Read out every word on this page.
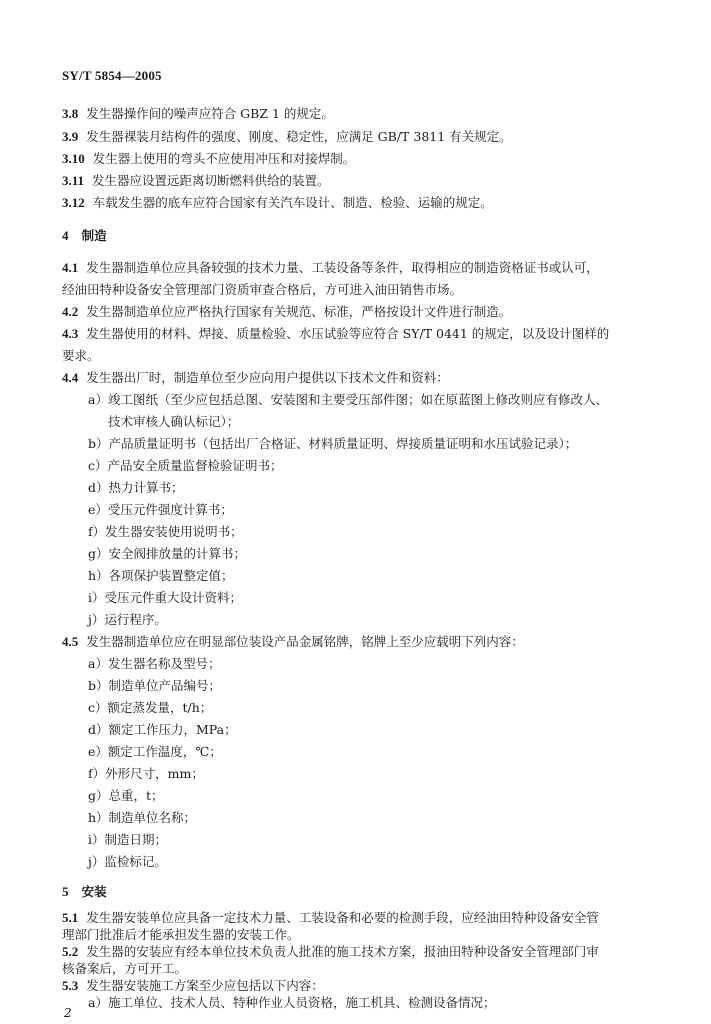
SY/T 5854—2005
3.8 发生器操作间的噪声应符合 GBZ 1 的规定。
3.9 发生器裸装月结构件的强度、刚度、稳定性，应满足 GB/T 3811 有关规定。
3.10 发生器上使用的弯头不应使用冲压和对接焊制。
3.11 发生器应设置远距离切断燃料供给的装置。
3.12 车载发生器的底车应符合国家有关汽车设计、制造、检验、运输的规定。
4 制造
4.1 发生器制造单位应具备较强的技术力量、工装设备等条件，取得相应的制造资格证书或认可，
经油田特种设备安全管理部门资质审查合格后，方可进入油田销售市场。
4.2 发生器制造单位应严格执行国家有关规范、标准，严格按设计文件进行制造。
4.3 发生器使用的材料、焊接、质量检验、水压试验等应符合 SY/T 0441 的规定，以及设计图样的
要求。
4.4 发生器出厂时，制造单位至少应向用户提供以下技术文件和资料：
a）竣工图纸（至少应包括总图、安装图和主要受压部件图；如在原蓝图上修改则应有修改人、
技术审核人确认标记）；
b）产品质量证明书（包括出厂合格证、材料质量证明、焊接质量证明和水压试验记录）；
c）产品安全质量监督检验证明书；
d）热力计算书；
e）受压元件强度计算书；
f）发生器安装使用说明书；
g）安全阀排放量的计算书；
h）各项保护装置整定值；
i）受压元件重大设计资料；
j）运行程序。
4.5 发生器制造单位应在明显部位装设产品金属铭牌，铭牌上至少应载明下列内容：
a）发生器名称及型号；
b）制造单位产品编号；
c）额定蒸发量，t/h；
d）额定工作压力，MPa；
e）额定工作温度，℃；
f）外形尺寸，mm；
g）总重，t；
h）制造单位名称；
i）制造日期；
j）监检标记。
5 安装
5.1 发生器安装单位应具备一定技术力量、工装设备和必要的检测手段，应经油田特种设备安全管
理部门批准后才能承担发生器的安装工作。
5.2 发生器的安装应有经本单位技术负责人批准的施工技术方案，报油田特种设备安全管理部门审
核备案后，方可开工。
5.3 发生器安装施工方案至少应包括以下内容：
a）施工单位、技术人员、特种作业人员资格，施工机具、检测设备情况；
2
